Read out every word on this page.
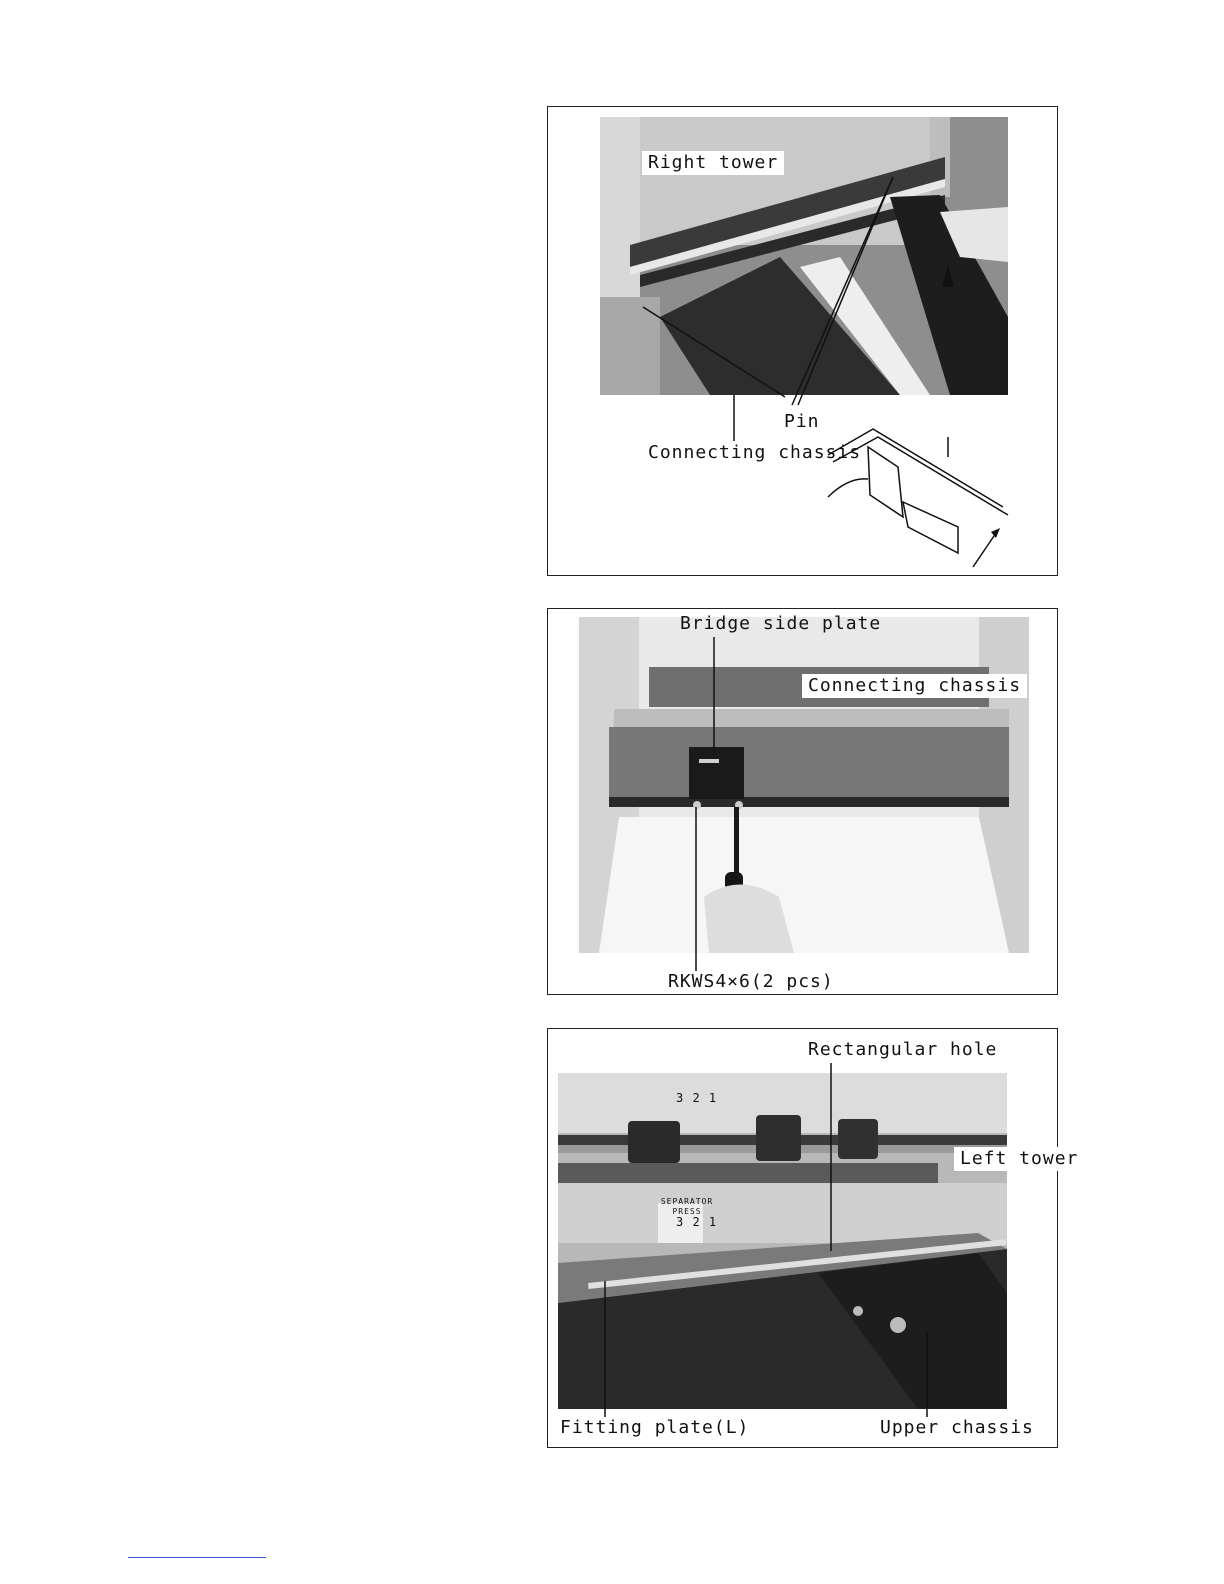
Right tower
Pin
Connecting chassis
Bridge side plate
Connecting chassis
RKWS4×6(2 pcs)
3 2 1
SEPARATOR PRESS
3 2 1
Rectangular hole
Left tower
Fitting plate(L)	Upper chassis
